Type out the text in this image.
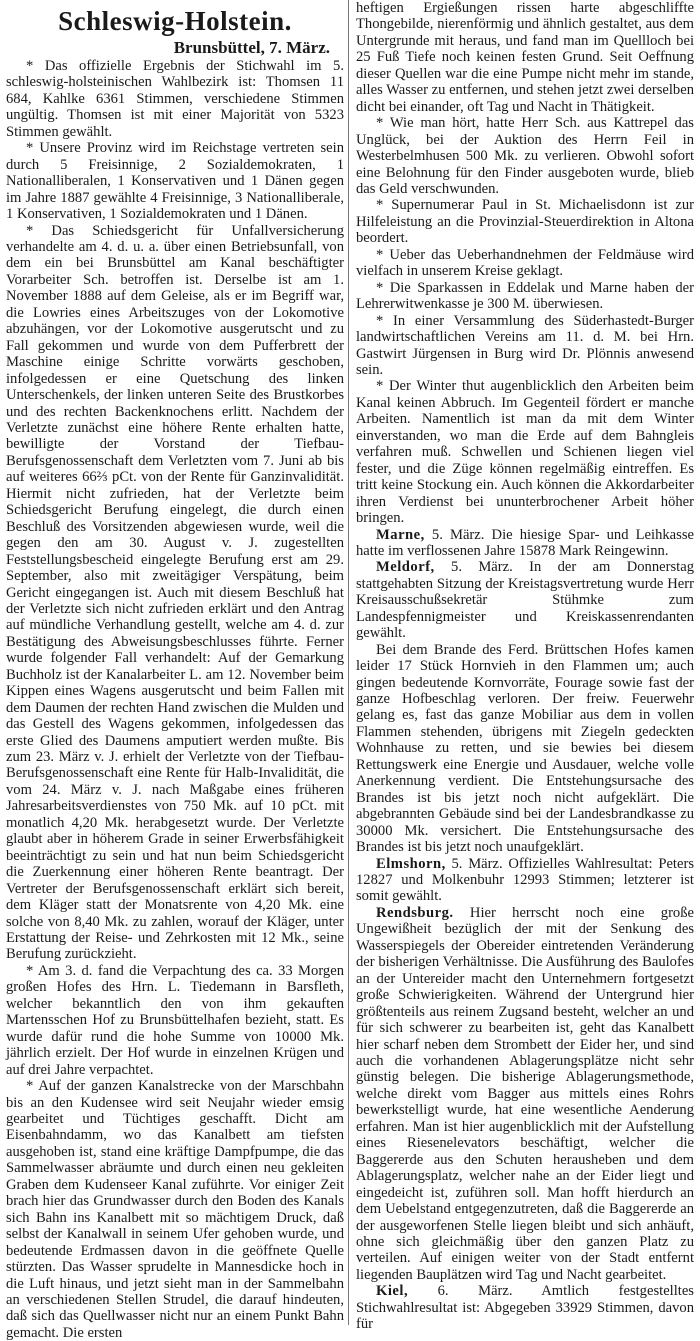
Schleswig-Holstein.
Brunsbüttel, 7. März.

* Das offizielle Ergebnis der Stichwahl im 5. schleswig-holsteinischen Wahlbezirk ist: Thomsen 11 684, Kahlke 6361 Stimmen, verschiedene Stimmen ungültig. Thomsen ist mit einer Majorität von 5323 Stimmen gewählt.

* Unsere Provinz wird im Reichstage vertreten sein durch 5 Freisinnige, 2 Sozialdemokraten, 1 Nationalliberalen, 1 Konservativen und 1 Dänen gegen im Jahre 1887 gewählte 4 Freisinnige, 3 Nationalliberale, 1 Konservativen, 1 Sozialdemokraten und 1 Dänen.

* Das Schiedsgericht für Unfallversicherung verhandelte am 4. d. u. a. über einen Betriebsunfall, von dem ein bei Brunsbüttel am Kanal beschäftigter Vorarbeiter Sch. betroffen ist. Derselbe ist am 1. November 1888 auf dem Geleise, als er im Begriff war, die Lowries eines Arbeitszuges von der Lokomotive abzuhängen, vor der Lokomotive ausgerutscht und zu Fall gekommen und wurde von dem Pufferbrett der Maschine einige Schritte vorwärts geschoben, infolgedessen er eine Quetschung des linken Unterschenkels, der linken unteren Seite des Brustkorbes und des rechten Backenknochens erlitt. Nachdem der Verletzte zunächst eine höhere Rente erhalten hatte, bewilligte der Vorstand der Tiefbau-Berufsgenossenschaft dem Verletzten vom 7. Juni ab bis auf weiteres 66⅔ pCt. von der Rente für Ganzinvalidität. Hiermit nicht zufrieden, hat der Verletzte beim Schiedsgericht Berufung eingelegt, die durch einen Beschluß des Vorsitzenden abgewiesen wurde, weil die gegen den am 30. August v. J. zugestellten Feststellungsbescheid eingelegte Berufung erst am 29. September, also mit zweitägiger Verspätung, beim Gericht eingegangen ist. Auch mit diesem Beschluß hat der Verletzte sich nicht zufrieden erklärt und den Antrag auf mündliche Verhandlung gestellt, welche am 4. d. zur Bestätigung des Abweisungsbeschlusses führte. Ferner wurde folgender Fall verhandelt: Auf der Gemarkung Buchholz ist der Kanalarbeiter L. am 12. November beim Kippen eines Wagens ausgerutscht und beim Fallen mit dem Daumen der rechten Hand zwischen die Mulden und das Gestell des Wagens gekommen, infolgedessen das erste Glied des Daumens amputiert werden mußte. Bis zum 23. März v. J. erhielt der Verletzte von der Tiefbau-Berufsgenossenschaft eine Rente für Halb-Invalidität, die vom 24. März v. J. nach Maßgabe eines früheren Jahresarbeitsverdienstes von 750 Mk. auf 10 pCt. mit monatlich 4,20 Mk. herabgesetzt wurde. Der Verletzte glaubt aber in höherem Grade in seiner Erwerbsfähigkeit beeinträchtigt zu sein und hat nun beim Schiedsgericht die Zuerkennung einer höheren Rente beantragt. Der Vertreter der Berufsgenossenschaft erklärt sich bereit, dem Kläger statt der Monatsrente von 4,20 Mk. eine solche von 8,40 Mk. zu zahlen, worauf der Kläger, unter Erstattung der Reise- und Zehrkosten mit 12 Mk., seine Berufung zurückzieht.

* Am 3. d. fand die Verpachtung des ca. 33 Morgen großen Hofes des Hrn. L. Tiedemann in Barsfleth, welcher bekanntlich den von ihm gekauften Martensschen Hof zu Brunsbüttelhafen bezieht, statt. Es wurde dafür rund die hohe Summe von 10000 Mk. jährlich erzielt. Der Hof wurde in einzelnen Krügen und auf drei Jahre verpachtet.

* Auf der ganzen Kanalstrecke von der Marschbahn bis an den Kudensee wird seit Neujahr wieder emsig gearbeitet und Tüchtiges geschafft. Dicht am Eisenbahndamm, wo das Kanalbett am tiefsten ausgehoben ist, stand eine kräftige Dampfpumpe, die das Sammelwasser abräumte und durch einen neu gekleiten Graben dem Kudenseer Kanal zuführte. Vor einiger Zeit brach hier das Grundwasser durch den Boden des Kanals sich Bahn ins Kanalbett mit so mächtigem Druck, daß selbst der Kanalwall in seinem Ufer gehoben wurde, und bedeutende Erdmassen davon in die geöffnete Quelle stürzten. Das Wasser sprudelte in Mannesdicke hoch in die Luft hinaus, und jetzt sieht man in der Sammelbahn an verschiedenen Stellen Strudel, die darauf hindeuten, daß sich das Quellwasser nicht nur an einem Punkt Bahn gemacht. Die ersten

heftigen Ergießungen rissen harte abgeschliffte Thongebilde, nierenförmig und ähnlich gestaltet, aus dem Untergrunde mit heraus, und fand man im Quellloch bei 25 Fuß Tiefe noch keinen festen Grund. Seit Oeffnung dieser Quellen war die eine Pumpe nicht mehr im stande, alles Wasser zu entfernen, und stehen jetzt zwei derselben dicht bei einander, oft Tag und Nacht in Thätigkeit.

* Wie man hört, hatte Herr Sch. aus Kattrepel das Unglück, bei der Auktion des Herrn Feil in Westerbelmhusen 500 Mk. zu verlieren. Obwohl sofort eine Belohnung für den Finder ausgeboten wurde, blieb das Geld verschwunden.

* Supernumerar Paul in St. Michaelisdonn ist zur Hilfeleistung an die Provinzial-Steuerdirektion in Altona beordert.

* Ueber das Ueberhandnehmen der Feldmäuse wird vielfach in unserem Kreise geklagt.

* Die Sparkassen in Eddelak und Marne haben der Lehrerwitwenkasse je 300 M. überwiesen.

* In einer Versammlung des Süderhastedt-Burger landwirtschaftlichen Vereins am 11. d. M. bei Hrn. Gastwirt Jürgensen in Burg wird Dr. Plönnis anwesend sein.

* Der Winter thut augenblicklich den Arbeiten beim Kanal keinen Abbruch. Im Gegenteil fördert er manche Arbeiten. Namentlich ist man da mit dem Winter einverstanden, wo man die Erde auf dem Bahngleis verfahren muß. Schwellen und Schienen liegen viel fester, und die Züge können regelmäßig eintreffen. Es tritt keine Stockung ein. Auch können die Akkordarbeiter ihren Verdienst bei ununterbrochener Arbeit höher bringen.

Marne, 5. März. Die hiesige Spar- und Leihkasse hatte im verflossenen Jahre 15878 Mark Reingewinn.

Meldorf, 5. März. In der am Donnerstag stattgehabten Sitzung der Kreistagsvertretung wurde Herr Kreisausschußsekretär Stühmke zum Landespfennigmeister und Kreiskassenrendanten gewählt.

Bei dem Brande des Ferd. Brüttschen Hofes kamen leider 17 Stück Hornvieh in den Flammen um; auch gingen bedeutende Kornvorräte, Fourage sowie fast der ganze Hofbeschlag verloren. Der freiw. Feuerwehr gelang es, fast das ganze Mobiliar aus dem in vollen Flammen stehenden, übrigens mit Ziegeln gedeckten Wohnhause zu retten, und sie bewies bei diesem Rettungswerk eine Energie und Ausdauer, welche volle Anerkennung verdient. Die Entstehungsursache des Brandes ist bis jetzt noch nicht aufgeklärt. Die abgebrannten Gebäude sind bei der Landesbrandkasse zu 30000 Mk. versichert. Die Entstehungsursache des Brandes ist bis jetzt noch unaufgeklärt.

Elmshorn, 5. März. Offizielles Wahlresultat: Peters 12827 und Molkenbuhr 12993 Stimmen; letzterer ist somit gewählt.

Rendsburg. Hier herrscht noch eine große Ungewißheit bezüglich der mit der Senkung des Wasserspiegels der Obereider eintretenden Veränderung der bisherigen Verhältnisse. Die Ausführung des Baulofes an der Untereider macht den Unternehmern fortgesetzt große Schwierigkeiten. Während der Untergrund hier größtenteils aus reinem Zugsand besteht, welcher an und für sich schwerer zu bearbeiten ist, geht das Kanalbett hier scharf neben dem Strombett der Eider her, und sind auch die vorhandenen Ablagerungsplätze nicht sehr günstig belegen. Die bisherige Ablagerungsmethode, welche direkt vom Bagger aus mittels eines Rohrs bewerkstelligt wurde, hat eine wesentliche Aenderung erfahren. Man ist hier augenblicklich mit der Aufstellung eines Riesenelevators beschäftigt, welcher die Baggererde aus den Schuten herausheben und dem Ablagerungsplatz, welcher nahe an der Eider liegt und eingedeicht ist, zuführen soll. Man hofft hierdurch an dem Uebelstand entgegenzutreten, daß die Baggererde an der ausgeworfenen Stelle liegen bleibt und sich anhäuft, ohne sich gleichmäßig über den ganzen Platz zu verteilen. Auf einigen weiter von der Stadt entfernt liegenden Bauplätzen wird Tag und Nacht gearbeitet.

Kiel, 6. März. Amtlich festgestelltes Stichwahlresultat ist: Abgegeben 33929 Stimmen, davon für
